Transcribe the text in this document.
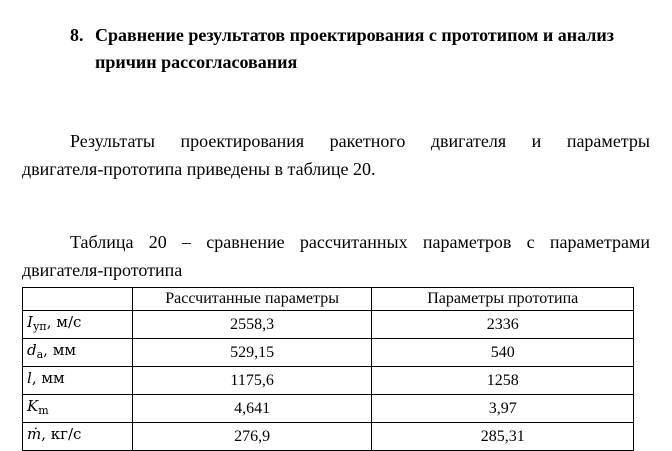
8. Сравнение результатов проектирования с прототипом и анализ
причин рассогласования
Результаты проектирования ракетного двигателя и параметры
двигателя-прототипа приведены в таблице 20.
Таблица 20 – сравнение рассчитанных параметров с параметрами
двигателя-прототипа
	Рассчитанные параметры	Параметры прототипа
$I_{уп}$, м/с	2558,3	2336
$d_a$, мм	529,15	540
l, мм	1175,6	1258
$K_m$	4,641	3,97
ṁ, кг/с	276,9	285,31
